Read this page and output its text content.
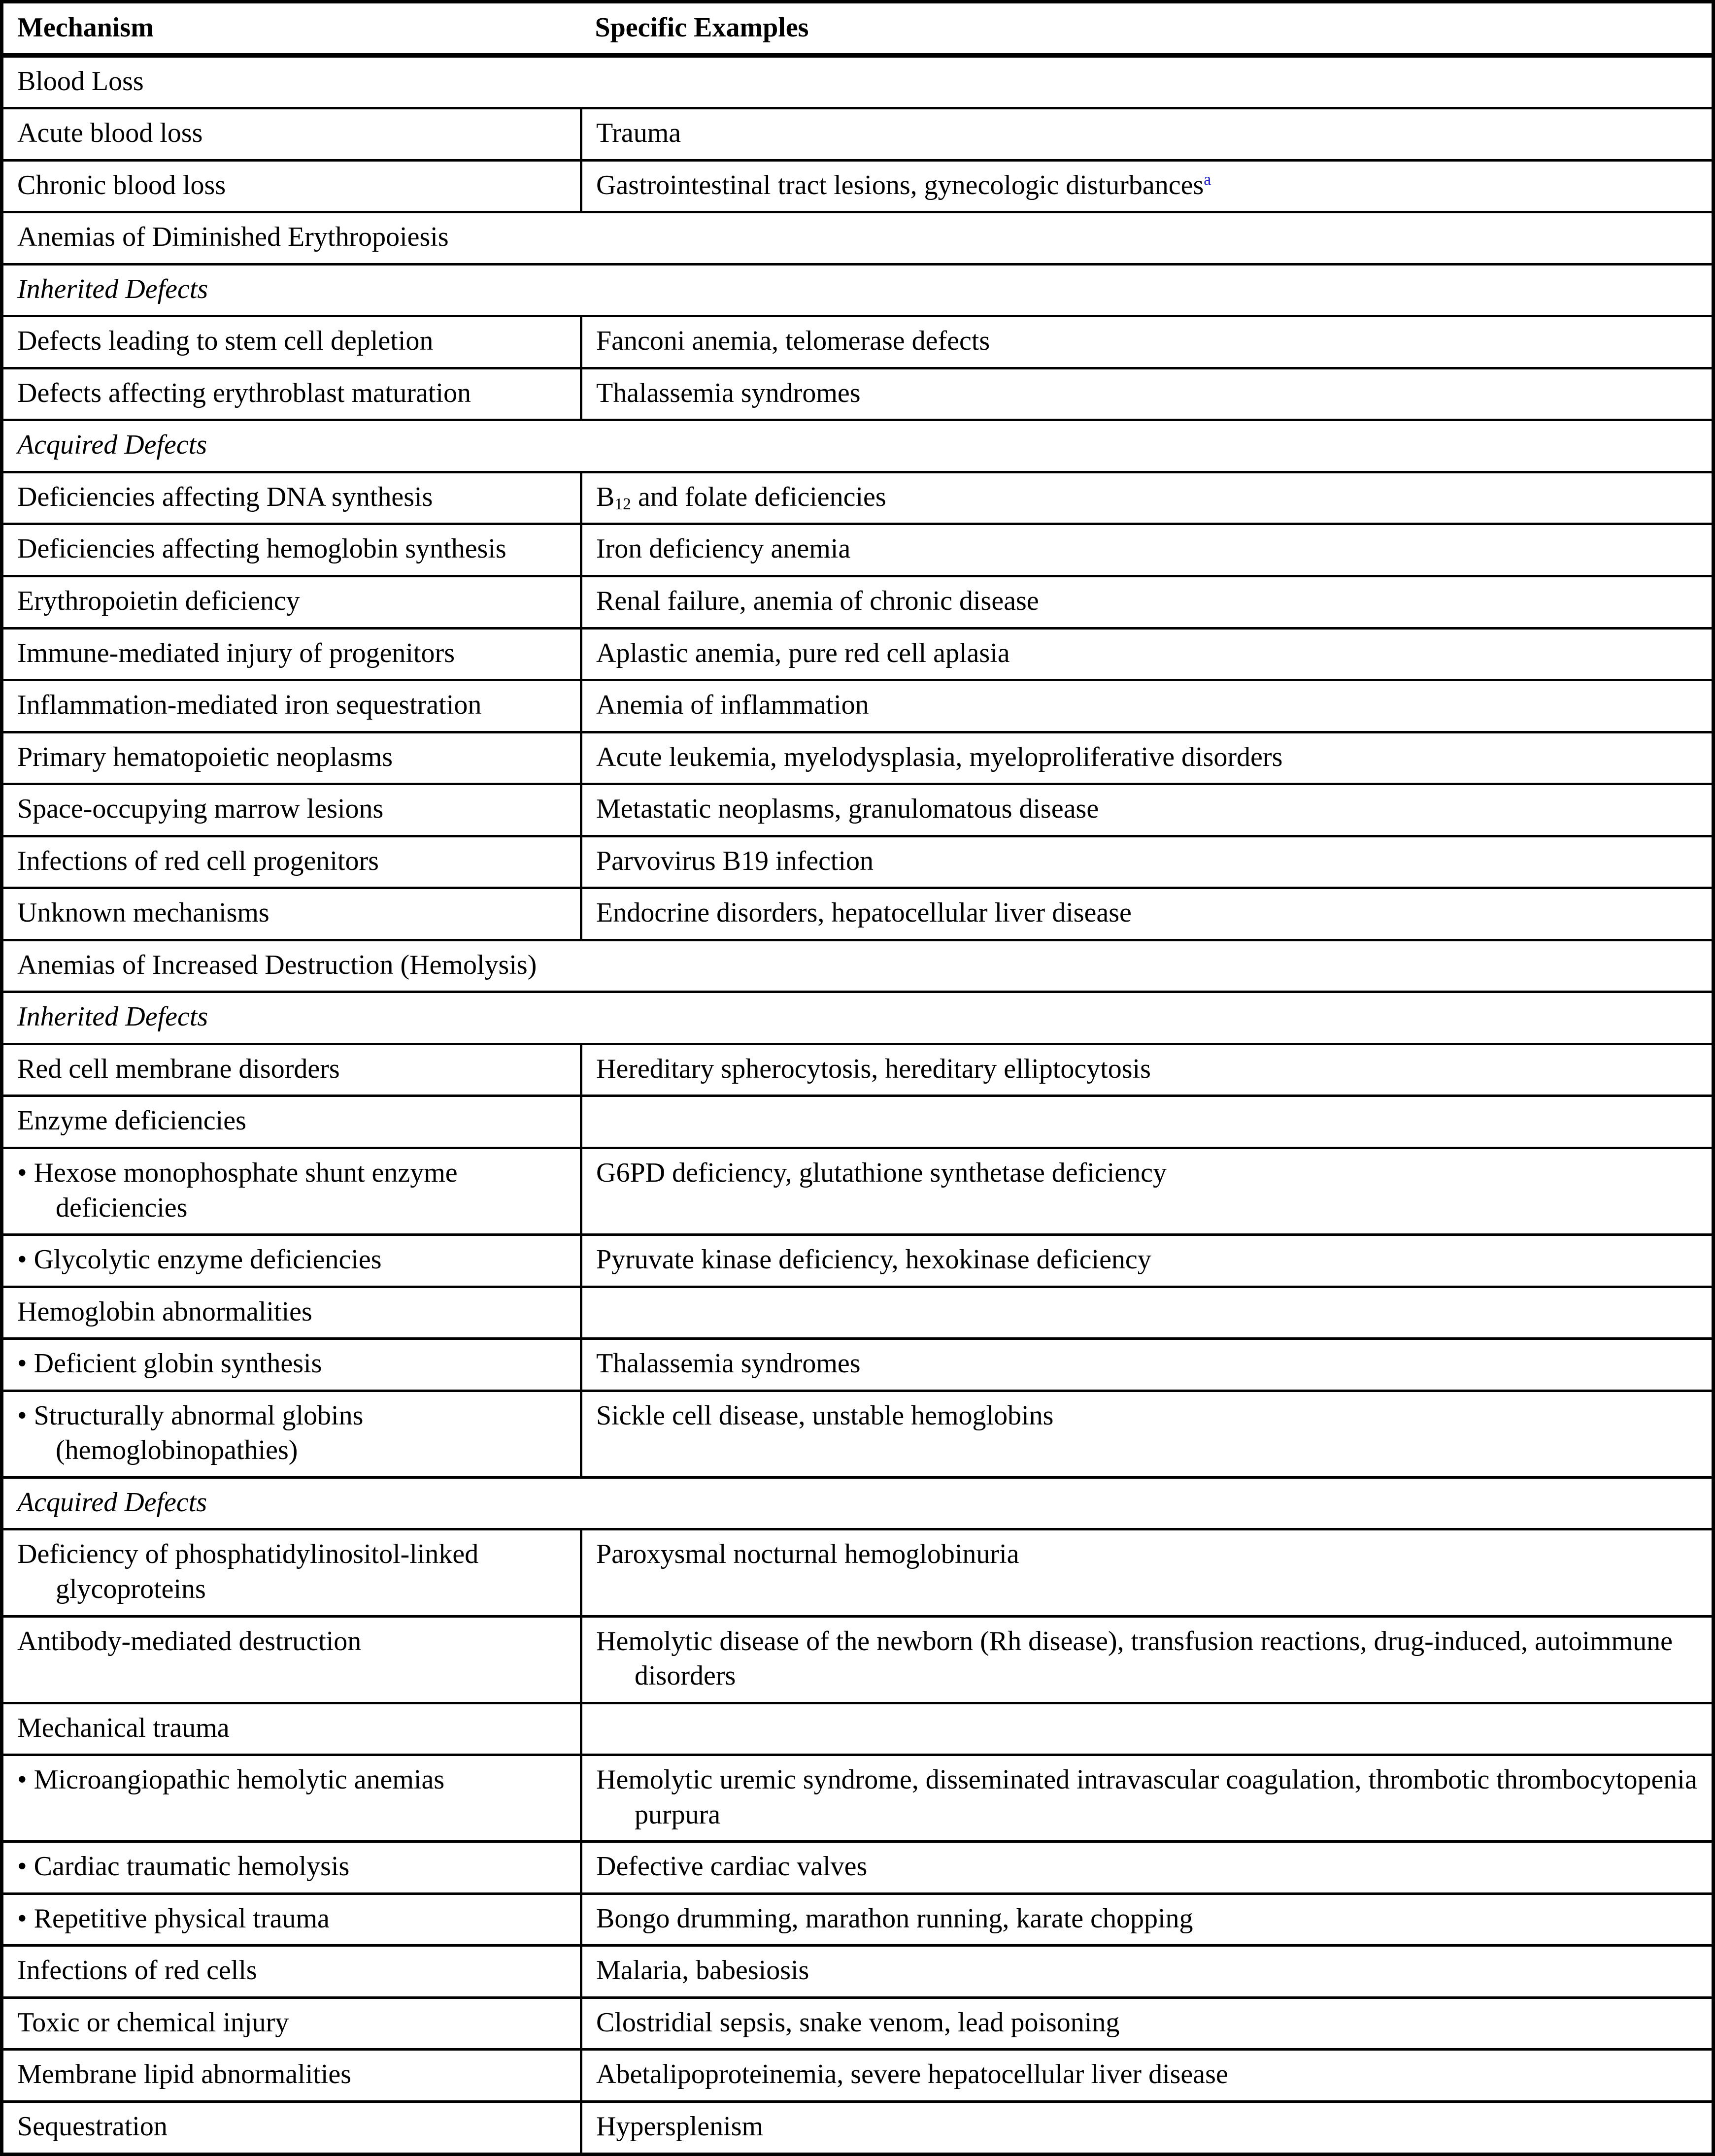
Mechanism	Specific Examples
Blood Loss	
Acute blood loss	Trauma
Chronic blood loss	Gastrointestinal tract lesions, gynecologic disturbances$^a$
Anemias of Diminished Erythropoiesis	
Inherited Defects	
Defects leading to stem cell depletion	Fanconi anemia, telomerase defects
Defects affecting erythroblast maturation	Thalassemia syndromes
Acquired Defects	
Deficiencies affecting DNA synthesis	$B_{12}$ and folate deficiencies
Deficiencies affecting hemoglobin synthesis	Iron deficiency anemia
Erythropoietin deficiency	Renal failure, anemia of chronic disease
Immune-mediated injury of progenitors	Aplastic anemia, pure red cell aplasia
Inflammation-mediated iron sequestration	Anemia of inflammation
Primary hematopoietic neoplasms	Acute leukemia, myelodysplasia, myeloproliferative disorders
Space-occupying marrow lesions	Metastatic neoplasms, granulomatous disease
Infections of red cell progenitors	Parvovirus B19 infection
Unknown mechanisms	Endocrine disorders, hepatocellular liver disease
Anemias of Increased Destruction (Hemolysis)	
Inherited Defects	
Red cell membrane disorders	Hereditary spherocytosis, hereditary elliptocytosis
Enzyme deficiencies	
• Hexose monophosphate shunt enzyme deficiencies	G6PD deficiency, glutathione synthetase deficiency
• Glycolytic enzyme deficiencies	Pyruvate kinase deficiency, hexokinase deficiency
Hemoglobin abnormalities	
• Deficient globin synthesis	Thalassemia syndromes
• Structurally abnormal globins (hemoglobinopathies)	Sickle cell disease, unstable hemoglobins
Acquired Defects	
Deficiency of phosphatidylinositol-linked glycoproteins	Paroxysmal nocturnal hemoglobinuria
Antibody-mediated destruction	Hemolytic disease of the newborn (Rh disease), transfusion reactions, drug-induced, autoimmune disorders
Mechanical trauma	
• Microangiopathic hemolytic anemias	Hemolytic uremic syndrome, disseminated intravascular coagulation, thrombotic thrombocytopenia purpura
• Cardiac traumatic hemolysis	Defective cardiac valves
• Repetitive physical trauma	Bongo drumming, marathon running, karate chopping
Infections of red cells	Malaria, babesiosis
Toxic or chemical injury	Clostridial sepsis, snake venom, lead poisoning
Membrane lipid abnormalities	Abetalipoproteinemia, severe hepatocellular liver disease
Sequestration	Hypersplenism
